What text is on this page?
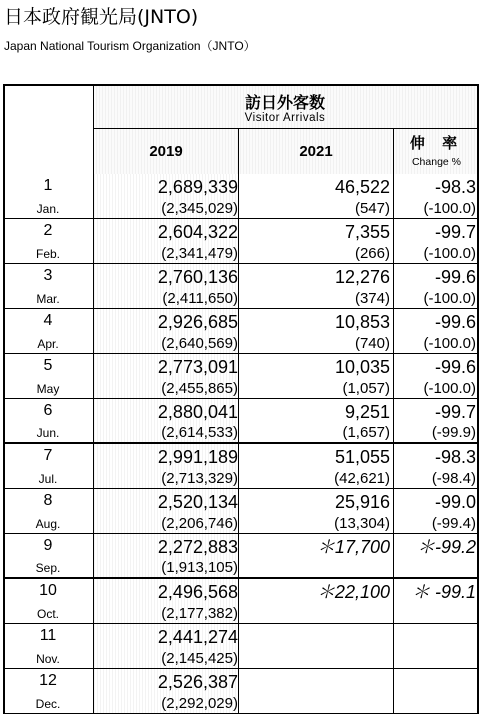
日本政府観光局(JNTO)
Japan National Tourism Organization（JNTO）
訪日外客数
Visitor Arrivals
2019	2021	伸 率
Change %
1
Jan.
2,689,339
(2,345,029)
46,522
(547)
-98.3
(-100.0)
2
Feb.
2,604,322
(2,341,479)
7,355
(266)
-99.7
(-100.0)
3
Mar.
2,760,136
(2,411,650)
12,276
(374)
-99.6
(-100.0)
4
Apr.
2,926,685
(2,640,569)
10,853
(740)
-99.6
(-100.0)
5
May
2,773,091
(2,455,865)
10,035
(1,057)
-99.6
(-100.0)
6
Jun.
2,880,041
(2,614,533)
9,251
(1,657)
-99.7
(-99.9)
7
Jul.
2,991,189
(2,713,329)
51,055
(42,621)
-98.3
(-98.4)
8
Aug.
2,520,134
(2,206,746)
25,916
(13,304)
-99.0
(-99.4)
9
Sep.
2,272,883
(1,913,105)
＊17,700 ＊-99.2
10
Oct.
2,496,568
(2,177,382)
＊22,100 ＊ -99.1
11
Nov.
2,441,274
(2,145,425)
12
Dec.
2,526,387
(2,292,029)
